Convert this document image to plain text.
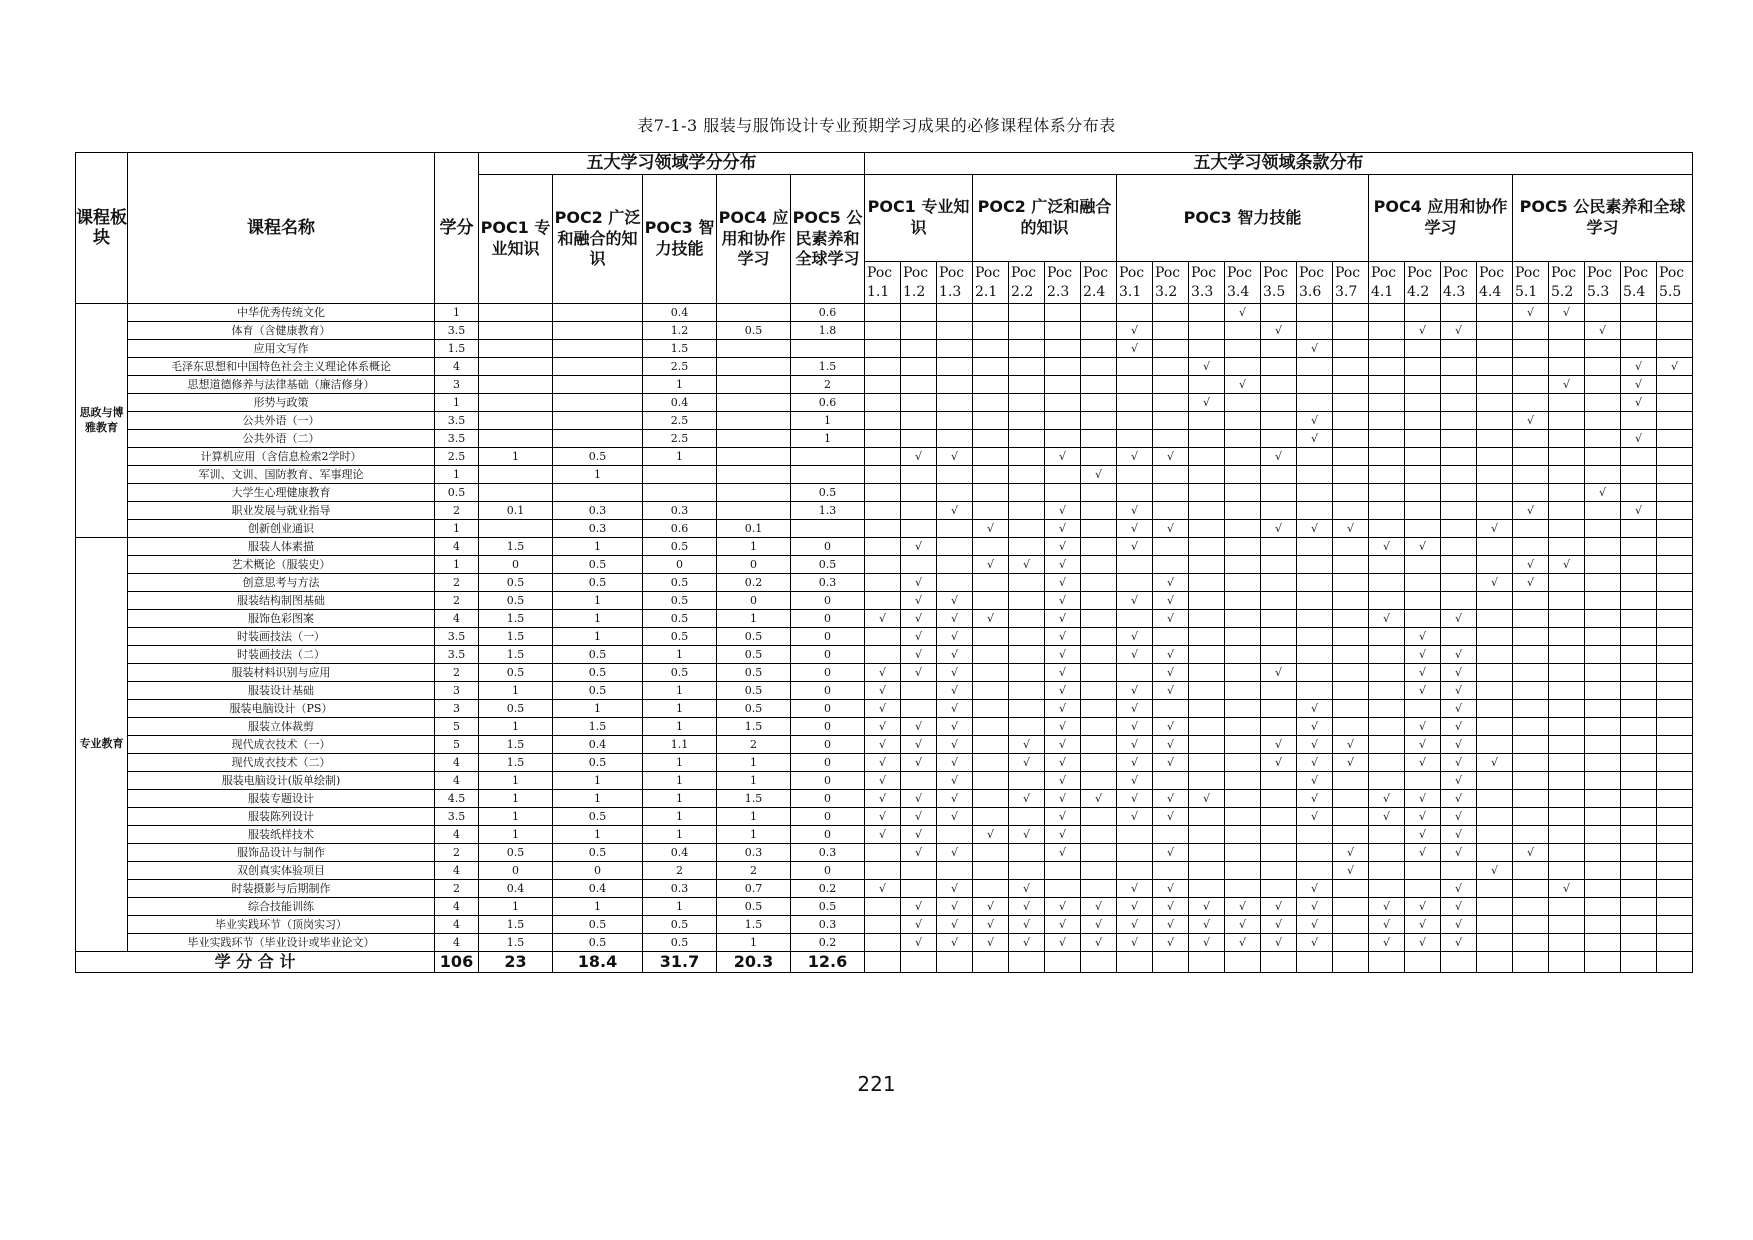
表7-1-3 服装与服饰设计专业预期学习成果的必修课程体系分布表
课程板块	课程名称	学分	五大学习领域学分分布					五大学习领域条款分布																						
			POC1 专业知识	POC2 广泛和融合的知识	POC3 智力技能	POC4 应用和协作学习	POC5 公民素养和全球学习	POC1 专业知识			POC2 广泛和融合的知识				POC3 智力技能							POC4 应用和协作学习				POC5 公民素养和全球学习				
								Poc 1.1	Poc 1.2	Poc 1.3	Poc 2.1	Poc 2.2	Poc 2.3	Poc 2.4	Poc 3.1	Poc 3.2	Poc 3.3	Poc 3.4	Poc 3.5	Poc 3.6	Poc 3.7	Poc 4.1	Poc 4.2	Poc 4.3	Poc 4.4	Poc 5.1	Poc 5.2	Poc 5.3	Poc 5.4	Poc 5.5
思政与博雅教育	中华优秀传统文化	1			0.4		0.6											√								√	√			
	体育（含健康教育）	3.5			1.2	0.5	1.8								√				√				√	√				√		
	应用文写作	1.5			1.5										√					√										
	毛泽东思想和中国特色社会主义理论体系概论	4			2.5		1.5										√												√	√
	思想道德修养与法律基础（廉洁修身）	3			1		2											√									√		√	
	形势与政策	1			0.4		0.6										√												√	
	公共外语（一）	3.5			2.5		1													√						√				
	公共外语（二）	3.5			2.5		1													√									√	
	计算机应用（含信息检索2学时）	2.5	1	0.5	1				√	√			√		√	√			√											
	军训、文训、国防教育、军事理论	1		1										√																
	大学生心理健康教育	0.5					0.5																					√		
	职业发展与就业指导	2	0.1	0.3	0.3		1.3			√			√		√											√			√	
	创新创业通识	1		0.3	0.6	0.1					√		√		√	√			√	√	√				√					
专业教育	服装人体素描	4	1.5	1	0.5	1	0		√				√		√							√	√							
	艺术概论（服装史）	1	0	0.5	0	0	0.5				√	√	√													√	√			
	创意思考与方法	2	0.5	0.5	0.5	0.2	0.3		√				√			√									√	√				
	服装结构制图基础	2	0.5	1	0.5	0	0		√	√			√		√	√														
	服饰色彩图案	4	1.5	1	0.5	1	0	√	√	√	√		√			√						√		√						
	时装画技法（一）	3.5	1.5	1	0.5	0.5	0		√	√			√		√								√							
	时装画技法（二）	3.5	1.5	0.5	1	0.5	0		√	√			√		√	√							√	√						
	服装材料识别与应用	2	0.5	0.5	0.5	0.5	0	√	√	√			√			√			√				√	√						
	服装设计基础	3	1	0.5	1	0.5	0	√		√			√		√	√							√	√						
	服装电脑设计（PS）	3	0.5	1	1	0.5	0	√		√			√		√					√				√						
	服装立体裁剪	5	1	1.5	1	1.5	0	√	√	√			√		√	√				√			√	√						
	现代成衣技术（一）	5	1.5	0.4	1.1	2	0	√	√	√		√	√		√	√			√	√	√		√	√						
	现代成衣技术（二）	4	1.5	0.5	1	1	0	√	√	√		√	√		√	√			√	√	√		√	√	√					
	服装电脑设计(版单绘制)	4	1	1	1	1	0	√		√			√		√					√				√						
	服装专题设计	4.5	1	1	1	1.5	0	√	√	√		√	√	√	√	√	√			√		√	√	√						
	服装陈列设计	3.5	1	0.5	1	1	0	√	√	√			√		√	√				√		√	√	√						
	服装纸样技术	4	1	1	1	1	0	√	√		√	√	√										√	√						
	服饰品设计与制作	2	0.5	0.5	0.4	0.3	0.3		√	√			√			√					√		√	√		√				
	双创真实体验项目	4	0	0	2	2	0														√				√					
	时装摄影与后期制作	2	0.4	0.4	0.3	0.7	0.2	√		√		√			√	√				√				√			√			
	综合技能训练	4	1	1	1	0.5	0.5		√	√	√	√	√	√	√	√	√	√	√	√		√	√	√						
	毕业实践环节（顶岗实习）	4	1.5	0.5	0.5	1.5	0.3		√	√	√	√	√	√	√	√	√	√	√	√		√	√	√						
	毕业实践环节（毕业设计或毕业论文）	4	1.5	0.5	0.5	1	0.2		√	√	√	√	√	√	√	√	√	√	√	√		√	√	√						
学 分 合 计		106	23	18.4	31.7	20.3	12.6																							
221
